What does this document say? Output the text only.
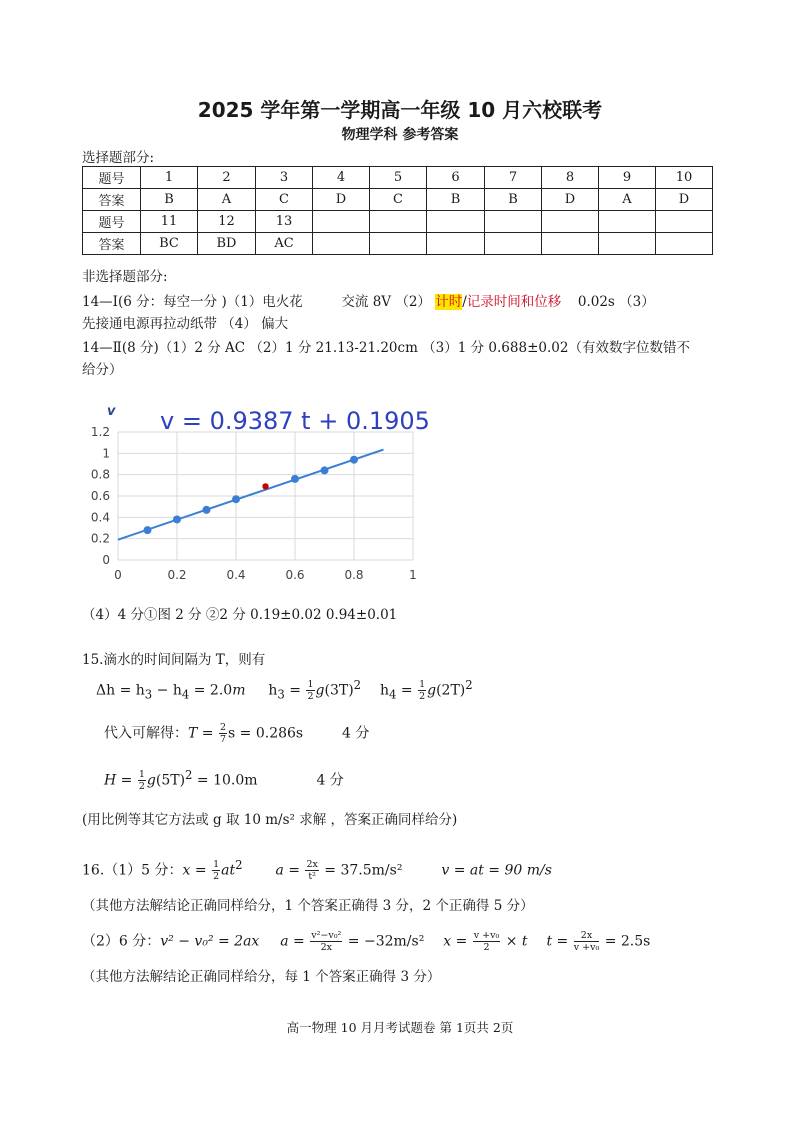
2025 学年第一学期高一年级 10 月六校联考
物理学科 参考答案
选择题部分:
题号	1	2	3	4	5	6	7	8	9	10
答案	B	A	C	D	C	B	B	D	A	D
题号	11	12	13							
答案	BC	BD	AC							
非选择题部分:
14—Ⅰ(6 分：每空一分 )（1）电火花	交流 8V （2） 计时/记录时间和位移 0.02s （3）
先接通电源再拉动纸带 （4） 偏大
14—Ⅱ(8 分)（1）2 分 AC （2）1 分 21.13-21.20cm （3）1 分 0.688±0.02（有效数字位数错不
给分）
0
0.2
0.4
0.6
0.8
1
1.2
0	0.2	0.4	0.6	0.8	1
v v = 0.9387 t + 0.1905
（4）4 分①图 2 分 ②2 分 0.19±0.02 0.94±0.01
15.滴水的时间间隔为 T，则有
$\Delta h = h_3 - h_4 = 2.0m$ $h_3 = \frac{1}{2} g(3T)^2$ $h_4 = \frac{1}{2} g(2T)^2$
代入可解得：$T = \frac{2}{7}$ s = 0.286s	4 分
$H = \frac{1}{2} g(5T)^2 = 10.0m$	4 分
(用比例等其它方法或 g 取 10 m/s² 求解 ，答案正确同样给分)
16.（1）5 分：$x = \frac{1}{2} at^2$ $a = \frac{2x}{\text{t²}} = 37.5m/s^2$	v = at = 90 m/s
（其他方法解结论正确同样给分，1 个答案正确得 3 分，2 个正确得 5 分）
（2）6 分：v² − v₀² = 2ax $a = \frac{\text{v²−v₀²}}{2x} = -32m/s^2$ $x = \frac{\text{v +v₀}}{2} \times t$ $t = \frac{2x}{\text{v +v₀}} = 2.5s$
（其他方法解结论正确同样给分，每 1 个答案正确得 3 分）
高一物理 10 月月考试题卷 第 1页共 2页
